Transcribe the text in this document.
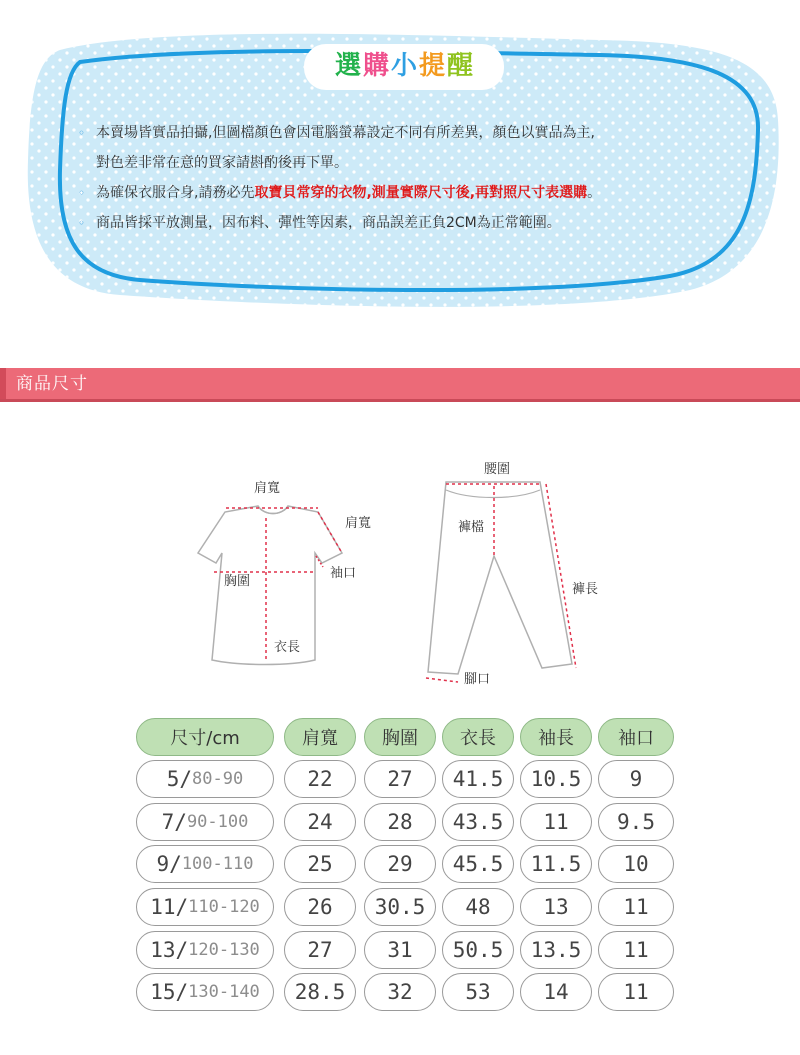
選 購 小 提 醒
◦ 本賣場皆實品拍攝,但圖檔顏色會因電腦螢幕設定不同有所差異，顏色以實品為主,
對色差非常在意的買家請斟酌後再下單。
◦ 為確保衣服合身,請務必先 取寶貝常穿的衣物,測量實際尺寸後,再對照尺寸表選購 。
◦ 商品皆採平放測量，因布料、彈性等因素，商品誤差正負2CM為正常範圍。
商品尺寸
肩寬
肩寬
胸圍
袖口
衣長
腰圍
褲檔
褲長
腳口
尺寸/cm	肩寬	胸圍	衣長	袖長	袖口
5/ 80-90	22	27	41.5	10.5	9
7/ 90-100	24	28	43.5	11	9.5
9/ 100-110	25	29	45.5	11.5	10
11/ 110-120	26	30.5	48	13	11
13/ 120-130	27	31	50.5	13.5	11
15/ 130-140	28.5	32	53	14	11
